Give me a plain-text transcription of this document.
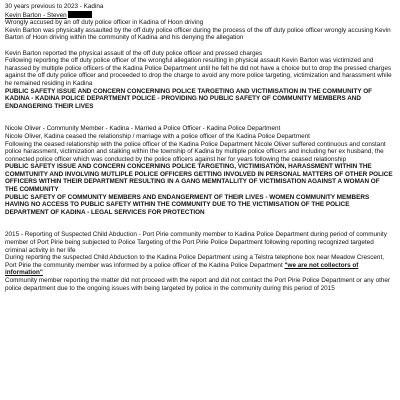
30 years previous to 2023 - Kadina

Kevin Barton - Steven

Wrongly accused by an off duty police officer in Kadina of Hoon driving

Kevin Barton was physically assaulted by the off duty police officer during the process of the off duty police officer wrongly accusing Kevin Barton of Hoon driving within the community of Kadina and his denying the allegation

Kevin Barton reported the physical assault of the off duty police officer and pressed charges

Following reporting the off duty police officer of the wrongful allegation resulting in physical assault Kevin Barton was victimized and harassed by multiple police officers of the Kadina Police Department until he felt he did not have a choice but to drop the pressed charges against the off duty police officer and proceeded to drop the charge to avoid any more police targeting, victimization and harassment while he remained residing in Kadina

PUBLIC SAFETY ISSUE AND CONCERN CONCERNING POLICE TARGETING AND VICTIMISATION IN THE COMMUNITY OF KADINA - KADINA POLICE DEPARTMENT POLICE - PROVIDING NO PUBLIC SAFETY OF COMMUNITY MEMBERS AND ENDANGERING THEIR LIVES

Nicole Oliver - Community Member - Kadina - Married a Police Officer - Kadina Police Department

Nicole Oliver, Kadina ceased the relationship / marriage with a police officer of the Kadina Police Department

Following the ceased relationship with the police officer of the Kadina Police Department Nicole Oliver suffered continuous and constant police harassment, victimization and stalking within the township of Kadina by multiple police officers and including her ex husband, the connected police officer which was conducted by the police officers against her for years following the ceased relationship

PUBLIC SAFETY ISSUE AND CONCERN CONCERNING POLICE TARGETING, VICTIMISATION, HARASSMENT WITHIN THE COMMTUNITY AND INVOLVING MUTLIPLE POLICE OFFICERS GETTING INVOLVED IN PERSONAL MATTERS OF OTHER POLICE OFFICERS WITHIN THEIR DEPARTMENT RESULTING IN A GANG MEMNTALLITY OF VICTIMISATION AGAINST A WOMAN OF THE COMMUNITY

PUBLIC SAFETY OF COMMUNITY MEMBERS AND ENDANGERMENT OF THEIR LIVES - WOMEN COMMUNITY MEMBERS HAVING NO ACCESS TO PUBLIC SAFETY WITHIN THE COMMUNITY DUE TO THE VICTIMISATION OF THE POLICE DEPARTMENT OF KADINA - LEGAL SERVICES FOR PROTECTION

2015 - Reporting of Suspected Child Abduction - Port Pirie community member to Kadina Police Department during period of community member of Port Pirie being subjected to Police Targeting of the Port Pirie Police Department following reporting recognized targeted criminal activity in her life

During reporting the suspected Child Abduction to the Kadina Police Department using a Telstra telephone box near Meadow Crescent, Port Pirie the community member was informed by a police officer of the Kadina Police Department "we are not collectors of information"

Community member reporting the matter did not proceed with the report and did not contact the Port Pirie Police Department or any other police department due to the ongoing issues with being targeted by police in the community during this period of 2015
